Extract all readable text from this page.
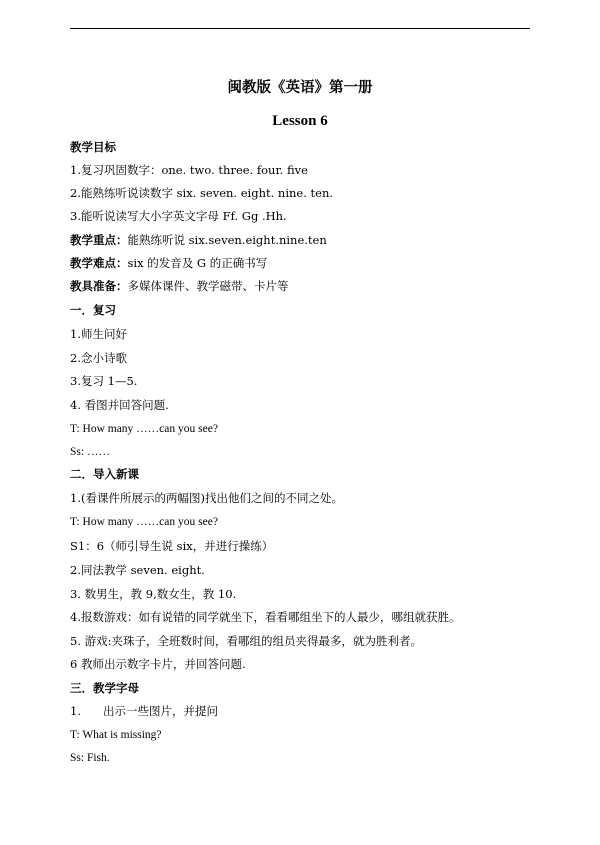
闽教版《英语》第一册
Lesson 6
教学目标
1.复习巩固数字：one. two. three. four. five
2.能熟练听说读数字 six. seven. eight. nine. ten.
3.能听说读写大小字英文字母 Ff. Gg .Hh.
教学重点：能熟练听说 six.seven.eight.nine.ten
教学难点：six 的发音及 G 的正确书写
教具准备：多媒体课件、教学磁带、卡片等
一．复习
1.师生问好
2.念小诗歌
3.复习 1—5.
4. 看图并回答问题.
T: How many ……can you see?
Ss: ……
二．导入新课
1.(看课件所展示的两幅图)找出他们之间的不同之处。
T: How many ……can you see?
S1：6（师引导生说 six，并进行操练）
2.同法教学 seven. eight.
3. 数男生，教 9,数女生，教 10.
4.报数游戏：如有说错的同学就坐下，看看哪组坐下的人最少，哪组就获胜。
5. 游戏:夹珠子，全班数时间，看哪组的组员夹得最多，就为胜利者。
6 教师出示数字卡片，并回答问题.
三．教学字母
1. 出示一些图片，并提问
T: What is missing?
Ss: Fish.
